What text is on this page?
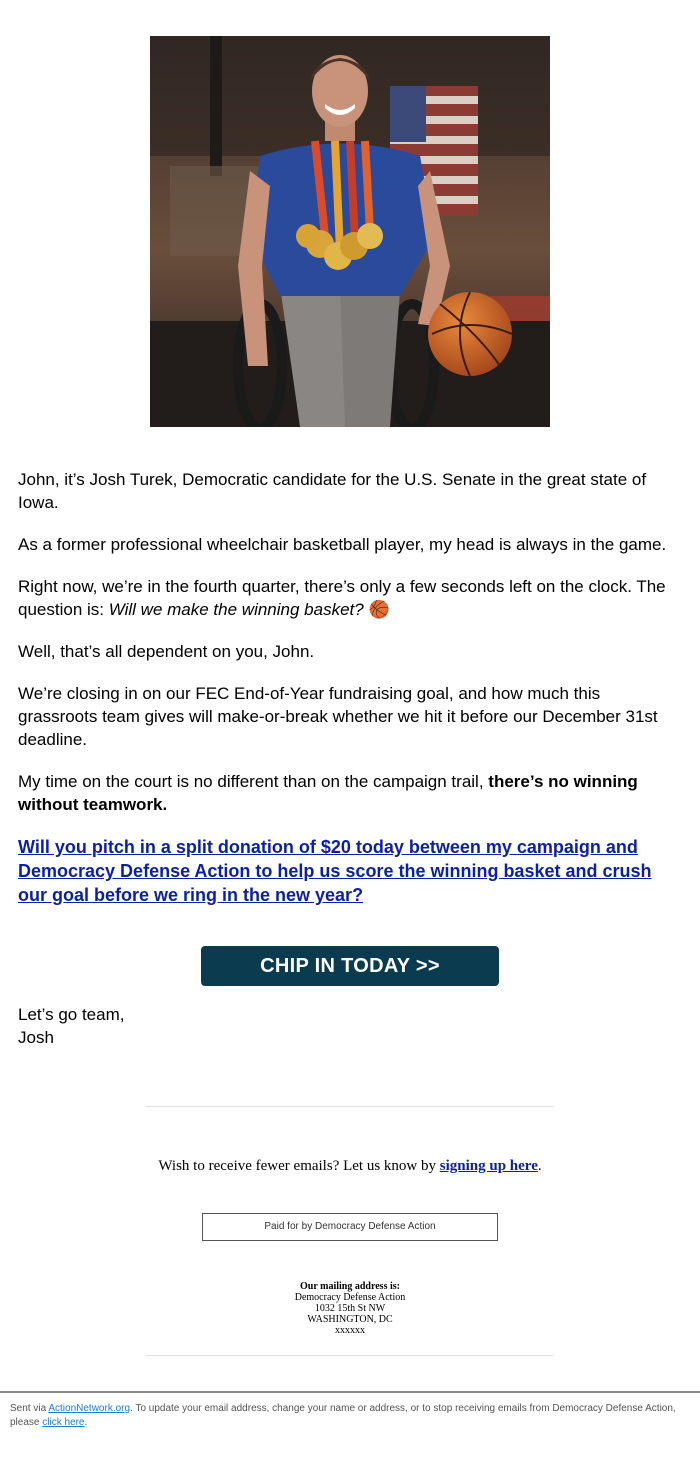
John, it’s Josh Turek, Democratic candidate for the U.S. Senate in the great state of Iowa.

As a former professional wheelchair basketball player, my head is always in the game.

Right now, we’re in the fourth quarter, there’s only a few seconds left on the clock. The question is: Will we make the winning basket? 🏀

Well, that’s all dependent on you, John.

We’re closing in on our FEC End-of-Year fundraising goal, and how much this grassroots team gives will make-or-break whether we hit it before our December 31st deadline.

My time on the court is no different than on the campaign trail, there’s no winning without teamwork.

Will you pitch in a split donation of $20 today between my campaign and Democracy Defense Action to help us score the winning basket and crush our goal before we ring in the new year?

CHIP IN TODAY >>
Let’s go team,
Josh
Wish to receive fewer emails? Let us know by signing up here.
Paid for by Democracy Defense Action
Our mailing address is:
Democracy Defense Action
1032 15th St NW
WASHINGTON, DC
xxxxxx
Sent via ActionNetwork.org. To update your email address, change your name or address, or to stop receiving emails from Democracy Defense Action, please click here.
